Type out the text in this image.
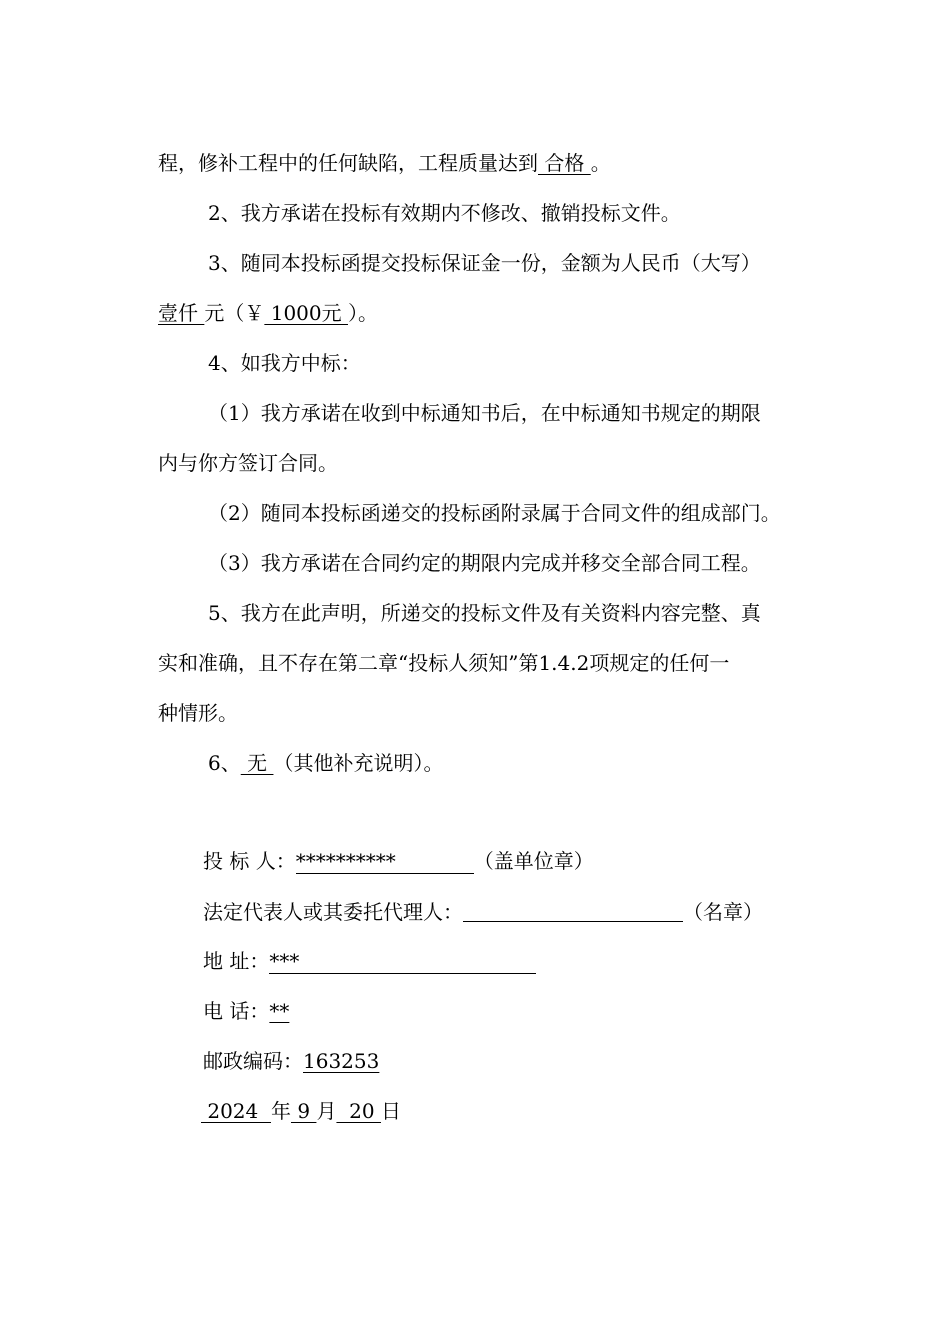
程，修补工程中的任何缺陷，工程质量达到 合格 。
2、我方承诺在投标有效期内不修改、撤销投标文件。
3、随同本投标函提交投标保证金一份，金额为人民币（大写）
壹仟 元（￥ 1000元 ）。
4、如我方中标：
（1）我方承诺在收到中标通知书后，在中标通知书规定的期限
内与你方签订合同。
（2）随同本投标函递交的投标函附录属于合同文件的组成部门。
（3）我方承诺在合同约定的期限内完成并移交全部合同工程。
5、我方在此声明，所递交的投标文件及有关资料内容完整、真
实和准确，且不存在第二章“投标人须知”第1.4.2项规定的任何一
种情形。
6、 无 （其他补充说明）。
投 标 人：**********	（盖单位章）
法定代表人或其委托代理人：	（名章）
地 址：***
电 话：**
邮政编码：163253
2024  年 9 月  20 日
